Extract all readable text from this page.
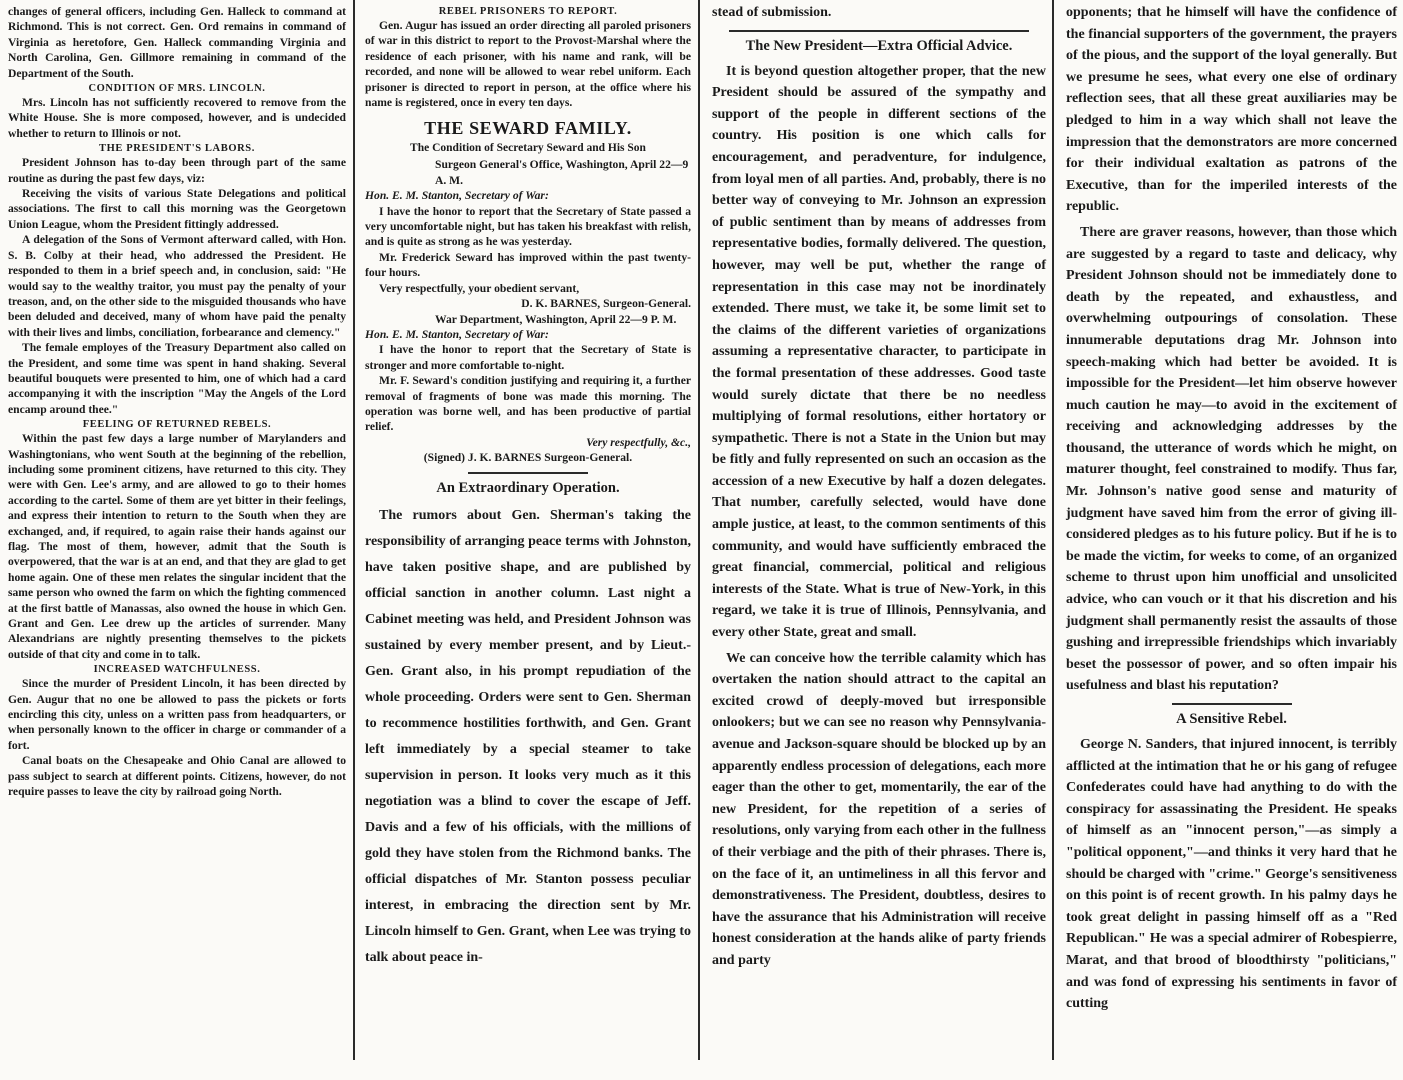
changes of general officers, including Gen. Halleck to command at Richmond. This is not correct. Gen. Ord remains in command of Virginia as heretofore, Gen. Halleck commanding Virginia and North Carolina, Gen. Gillmore remaining in command of the Department of the South.

CONDITION OF MRS. LINCOLN.

Mrs. Lincoln has not sufficiently recovered to remove from the White House. She is more composed, however, and is undecided whether to return to Illinois or not.

THE PRESIDENT'S LABORS.

President Johnson has to-day been through part of the same routine as during the past few days, viz:

Receiving the visits of various State Delegations and political associations. The first to call this morning was the Georgetown Union League, whom the President fittingly addressed.

A delegation of the Sons of Vermont afterward called, with Hon. S. B. Colby at their head, who addressed the President. He responded to them in a brief speech and, in conclusion, said: "He would say to the wealthy traitor, you must pay the penalty of your treason, and, on the other side to the misguided thousands who have been deluded and deceived, many of whom have paid the penalty with their lives and limbs, conciliation, forbearance and clemency."

The female employes of the Treasury Department also called on the President, and some time was spent in hand shaking. Several beautiful bouquets were presented to him, one of which had a card accompanying it with the inscription "May the Angels of the Lord encamp around thee."

FEELING OF RETURNED REBELS.

Within the past few days a large number of Marylanders and Washingtonians, who went South at the beginning of the rebellion, including some prominent citizens, have returned to this city. They were with Gen. Lee's army, and are allowed to go to their homes according to the cartel. Some of them are yet bitter in their feelings, and express their intention to return to the South when they are exchanged, and, if required, to again raise their hands against our flag. The most of them, however, admit that the South is overpowered, that the war is at an end, and that they are glad to get home again. One of these men relates the singular incident that the same person who owned the farm on which the fighting commenced at the first battle of Manassas, also owned the house in which Gen. Grant and Gen. Lee drew up the articles of surrender. Many Alexandrians are nightly presenting themselves to the pickets outside of that city and come in to talk.

INCREASED WATCHFULNESS.

Since the murder of President Lincoln, it has been directed by Gen. Augur that no one be allowed to pass the pickets or forts encircling this city, unless on a written pass from headquarters, or when personally known to the officer in charge or commander of a fort.

Canal boats on the Chesapeake and Ohio Canal are allowed to pass subject to search at different points. Citizens, however, do not require passes to leave the city by railroad going North.

REBEL PRISONERS TO REPORT.

Gen. Augur has issued an order directing all paroled prisoners of war in this district to report to the Provost-Marshal where the residence of each prisoner, with his name and rank, will be recorded, and none will be allowed to wear rebel uniform. Each prisoner is directed to report in person, at the office where his name is registered, once in every ten days.

THE SEWARD FAMILY.
The Condition of Secretary Seward and His Son

Surgeon General's Office, Washington, April 22—9 A. M.

Hon. E. M. Stanton, Secretary of War:

I have the honor to report that the Secretary of State passed a very uncomfortable night, but has taken his breakfast with relish, and is quite as strong as he was yesterday.

Mr. Frederick Seward has improved within the past twenty-four hours.

Very respectfully, your obedient servant,

D. K. BARNES, Surgeon-General.

War Department, Washington, April 22—9 P. M.

Hon. E. M. Stanton, Secretary of War:

I have the honor to report that the Secretary of State is stronger and more comfortable to-night.

Mr. F. Seward's condition justifying and requiring it, a further removal of fragments of bone was made this morning. The operation was borne well, and has been productive of partial relief.

Very respectfully, &c.,

(Signed) J. K. BARNES Surgeon-General.

An Extraordinary Operation.

The rumors about Gen. Sherman's taking the responsibility of arranging peace terms with Johnston, have taken positive shape, and are published by official sanction in another column. Last night a Cabinet meeting was held, and President Johnson was sustained by every member present, and by Lieut.-Gen. Grant also, in his prompt repudiation of the whole proceeding. Orders were sent to Gen. Sherman to recommence hostilities forthwith, and Gen. Grant left immediately by a special steamer to take supervision in person. It looks very much as it this negotiation was a blind to cover the escape of Jeff. Davis and a few of his officials, with the millions of gold they have stolen from the Richmond banks. The official dispatches of Mr. Stanton possess peculiar interest, in embracing the direction sent by Mr. Lincoln himself to Gen. Grant, when Lee was trying to talk about peace in-

stead of submission.

The New President—Extra Official Advice.

It is beyond question altogether proper, that the new President should be assured of the sympathy and support of the people in different sections of the country. His position is one which calls for encouragement, and peradventure, for indulgence, from loyal men of all parties. And, probably, there is no better way of conveying to Mr. Johnson an expression of public sentiment than by means of addresses from representative bodies, formally delivered. The question, however, may well be put, whether the range of representation in this case may not be inordinately extended. There must, we take it, be some limit set to the claims of the different varieties of organizations assuming a representative character, to participate in the formal presentation of these addresses. Good taste would surely dictate that there be no needless multiplying of formal resolutions, either hortatory or sympathetic. There is not a State in the Union but may be fitly and fully represented on such an occasion as the accession of a new Executive by half a dozen delegates. That number, carefully selected, would have done ample justice, at least, to the common sentiments of this community, and would have sufficiently embraced the great financial, commercial, political and religious interests of the State. What is true of New-York, in this regard, we take it is true of Illinois, Pennsylvania, and every other State, great and small.

We can conceive how the terrible calamity which has overtaken the nation should attract to the capital an excited crowd of deeply-moved but irresponsible onlookers; but we can see no reason why Pennsylvania-avenue and Jackson-square should be blocked up by an apparently endless procession of delegations, each more eager than the other to get, momentarily, the ear of the new President, for the repetition of a series of resolutions, only varying from each other in the fullness of their verbiage and the pith of their phrases. There is, on the face of it, an untimeliness in all this fervor and demonstrativeness. The President, doubtless, desires to have the assurance that his Administration will receive honest consideration at the hands alike of party friends and party

opponents; that he himself will have the confidence of the financial supporters of the government, the prayers of the pious, and the support of the loyal generally. But we presume he sees, what every one else of ordinary reflection sees, that all these great auxiliaries may be pledged to him in a way which shall not leave the impression that the demonstrators are more concerned for their individual exaltation as patrons of the Executive, than for the imperiled interests of the republic.

There are graver reasons, however, than those which are suggested by a regard to taste and delicacy, why President Johnson should not be immediately done to death by the repeated, and exhaustless, and overwhelming outpourings of consolation. These innumerable deputations drag Mr. Johnson into speech-making which had better be avoided. It is impossible for the President—let him observe however much caution he may—to avoid in the excitement of receiving and acknowledging addresses by the thousand, the utterance of words which he might, on maturer thought, feel constrained to modify. Thus far, Mr. Johnson's native good sense and maturity of judgment have saved him from the error of giving ill-considered pledges as to his future policy. But if he is to be made the victim, for weeks to come, of an organized scheme to thrust upon him unofficial and unsolicited advice, who can vouch or it that his discretion and his judgment shall permanently resist the assaults of those gushing and irrepressible friendships which invariably beset the possessor of power, and so often impair his usefulness and blast his reputation?

A Sensitive Rebel.

George N. Sanders, that injured innocent, is terribly afflicted at the intimation that he or his gang of refugee Confederates could have had anything to do with the conspiracy for assassinating the President. He speaks of himself as an "innocent person,"—as simply a "political opponent,"—and thinks it very hard that he should be charged with "crime." George's sensitiveness on this point is of recent growth. In his palmy days he took great delight in passing himself off as a "Red Republican." He was a special admirer of Robespierre, Marat, and that brood of bloodthirsty "politicians," and was fond of expressing his sentiments in favor of cutting
